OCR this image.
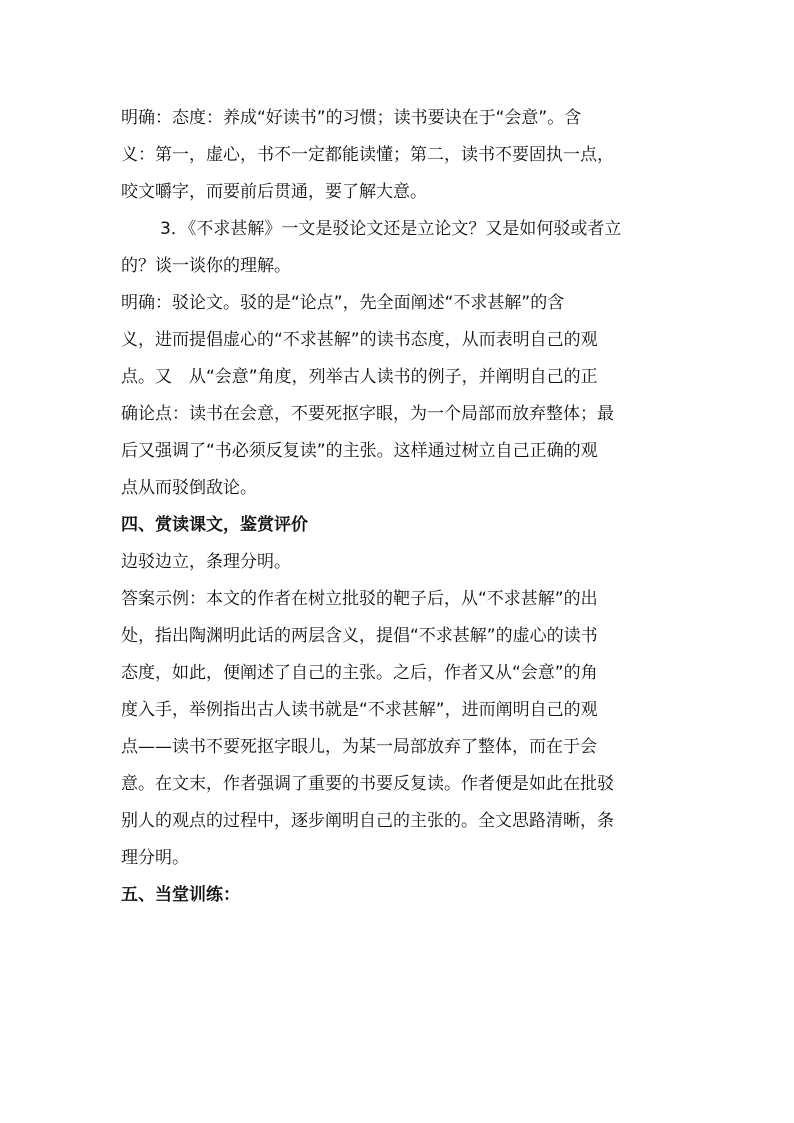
明确：态度：养成“好读书”的习惯；读书要诀在于“会意”。含
义：第一，虚心，书不一定都能读懂；第二，读书不要固执一点，
咬文嚼字，而要前后贯通，要了解大意。

3．《不求甚解》一文是驳论文还是立论文？又是如何驳或者立
的？谈一谈你的理解。

明确：驳论文。驳的是“论点”，先全面阐述“不求甚解”的含
义，进而提倡虚心的“不求甚解”的读书态度，从而表明自己的观
点。又　从“会意”角度，列举古人读书的例子，并阐明自己的正
确论点：读书在会意，不要死抠字眼，为一个局部而放弃整体；最
后又强调了“书必须反复读”的主张。这样通过树立自己正确的观
点从而驳倒敌论。

四、赏读课文，鉴赏评价

边驳边立，条理分明。

答案示例：本文的作者在树立批驳的靶子后，从“不求甚解”的出
处，指出陶渊明此话的两层含义，提倡“不求甚解”的虚心的读书
态度，如此，便阐述了自己的主张。之后，作者又从“会意”的角
度入手，举例指出古人读书就是“不求甚解”，进而阐明自己的观
点——读书不要死抠字眼儿，为某一局部放弃了整体，而在于会
意。在文末，作者强调了重要的书要反复读。作者便是如此在批驳
别人的观点的过程中，逐步阐明自己的主张的。全文思路清晰，条
理分明。

五、当堂训练：
